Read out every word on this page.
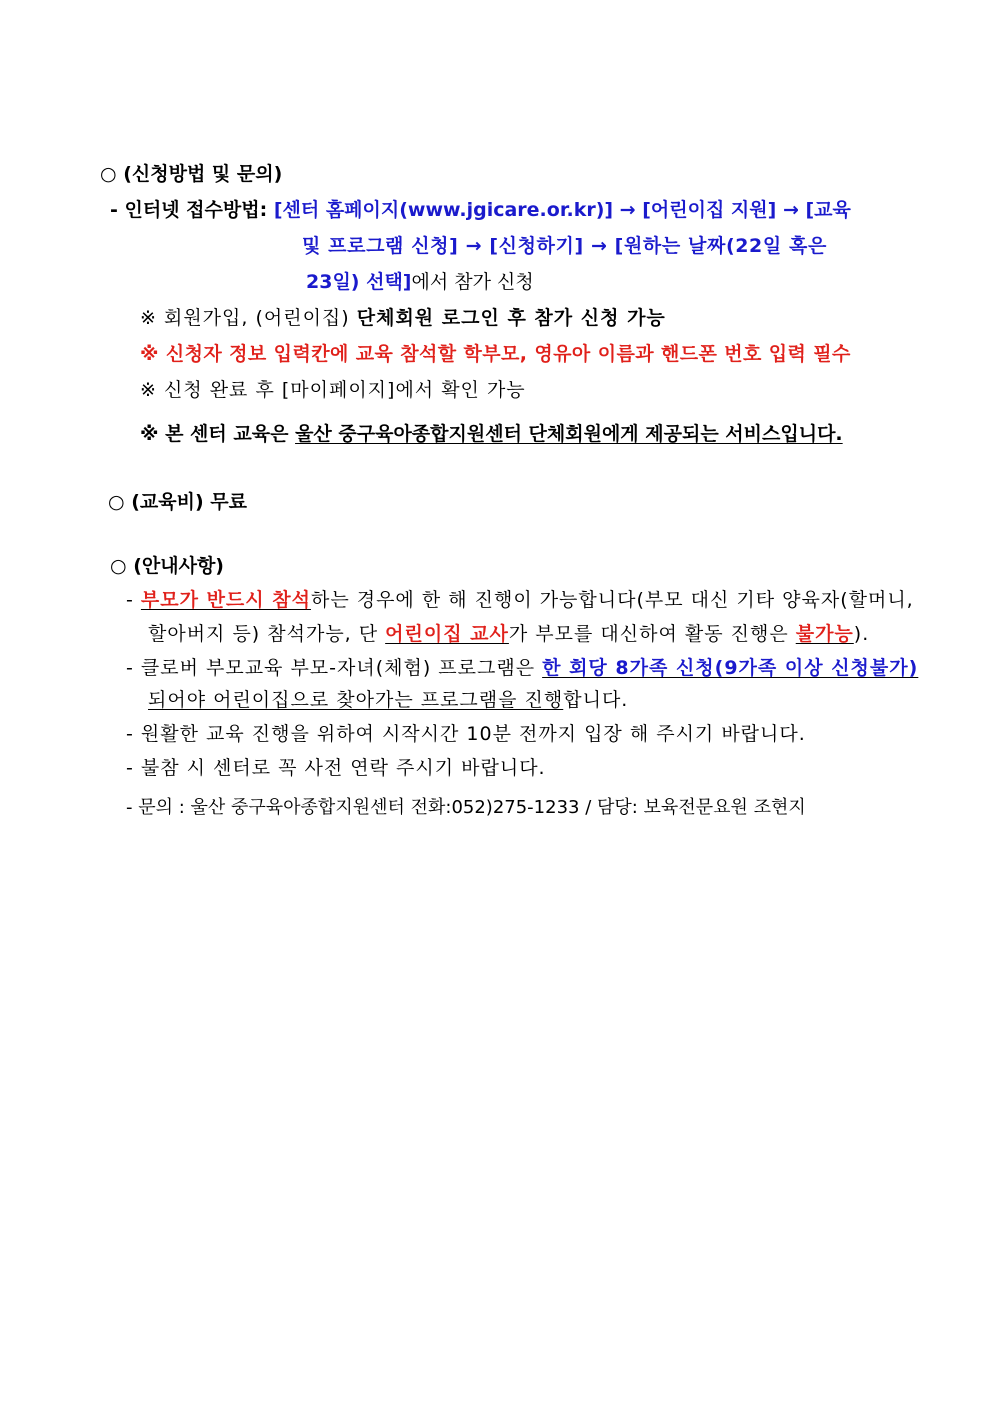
○ (신청방법 및 문의)
- 인터넷 접수방법: [센터 홈페이지(www.jgicare.or.kr)] → [어린이집 지원] → [교육
및 프로그램 신청] → [신청하기] → [원하는 날짜(22일 혹은
23일) 선택]에서 참가 신청
※ 회원가입, (어린이집) 단체회원 로그인 후 참가 신청 가능
※ 신청자 정보 입력칸에 교육 참석할 학부모, 영유아 이름과 핸드폰 번호 입력 필수
※ 신청 완료 후 [마이페이지]에서 확인 가능
※ 본 센터 교육은 울산 중구육아종합지원센터 단체회원에게 제공되는 서비스입니다.
○ (교육비) 무료
○ (안내사항)
- 부모가 반드시 참석하는 경우에 한 해 진행이 가능합니다(부모 대신 기타 양육자(할머니,
할아버지 등) 참석가능, 단 어린이집 교사가 부모를 대신하여 활동 진행은 불가능).
- 클로버 부모교육 부모-자녀(체험) 프로그램은 한 회당 8가족 신청(9가족 이상 신청불가)
되어야 어린이집으로 찾아가는 프로그램을 진행합니다.
- 원활한 교육 진행을 위하여 시작시간 10분 전까지 입장 해 주시기 바랍니다.
- 불참 시 센터로 꼭 사전 연락 주시기 바랍니다.
- 문의 : 울산 중구육아종합지원센터 전화:052)275-1233 / 담당: 보육전문요원 조현지
